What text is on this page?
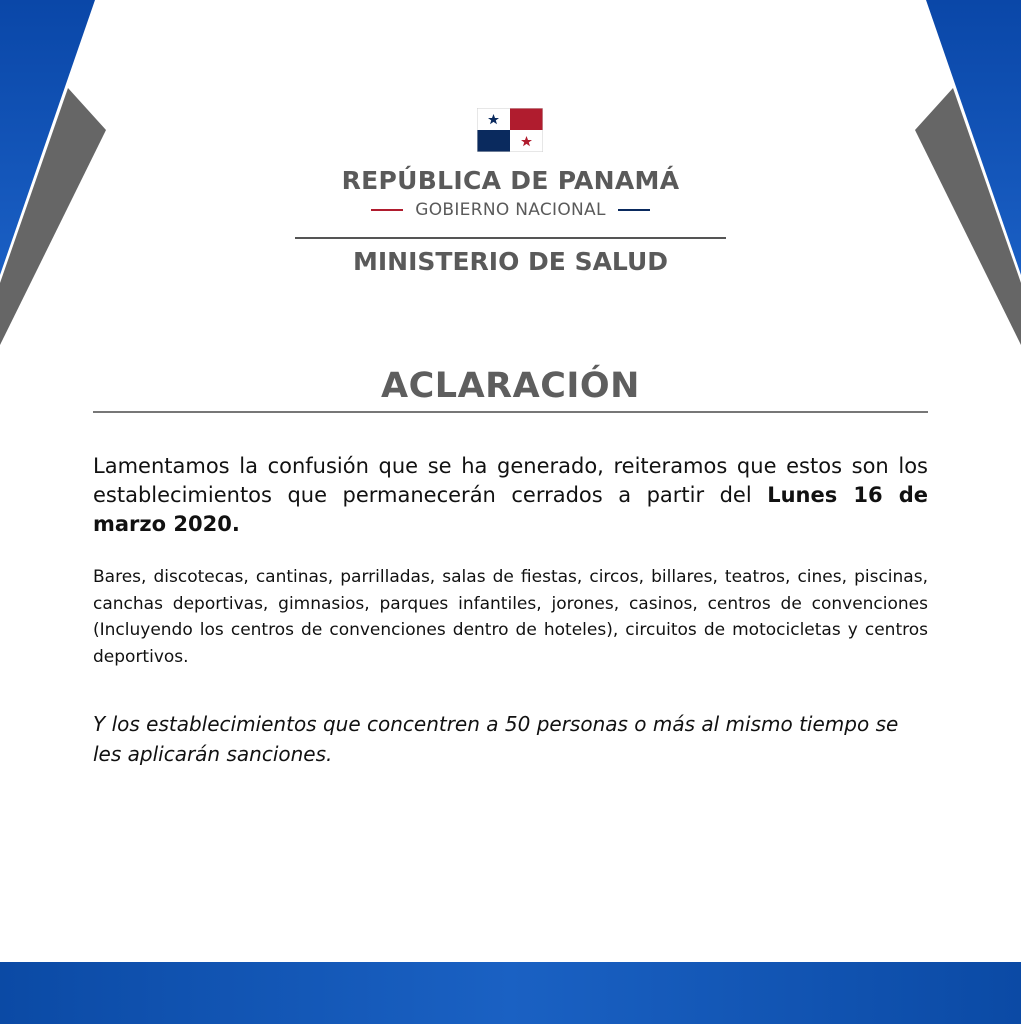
REPÚBLICA DE PANAMÁ
GOBIERNO NACIONAL
MINISTERIO DE SALUD
ACLARACIÓN

Lamentamos la confusión que se ha generado, reiteramos que estos son los establecimientos que permanecerán cerrados a partir del Lunes 16 de marzo 2020.

Bares, discotecas, cantinas, parrilladas, salas de fiestas, circos, billares, teatros, cines, piscinas, canchas deportivas, gimnasios, parques infantiles, jorones, casinos, centros de convenciones (Incluyendo los centros de convenciones dentro de hoteles), circuitos de motocicletas y centros deportivos.

Y los establecimientos que concentren a 50 personas o más al mismo tiempo se les aplicarán sanciones.
